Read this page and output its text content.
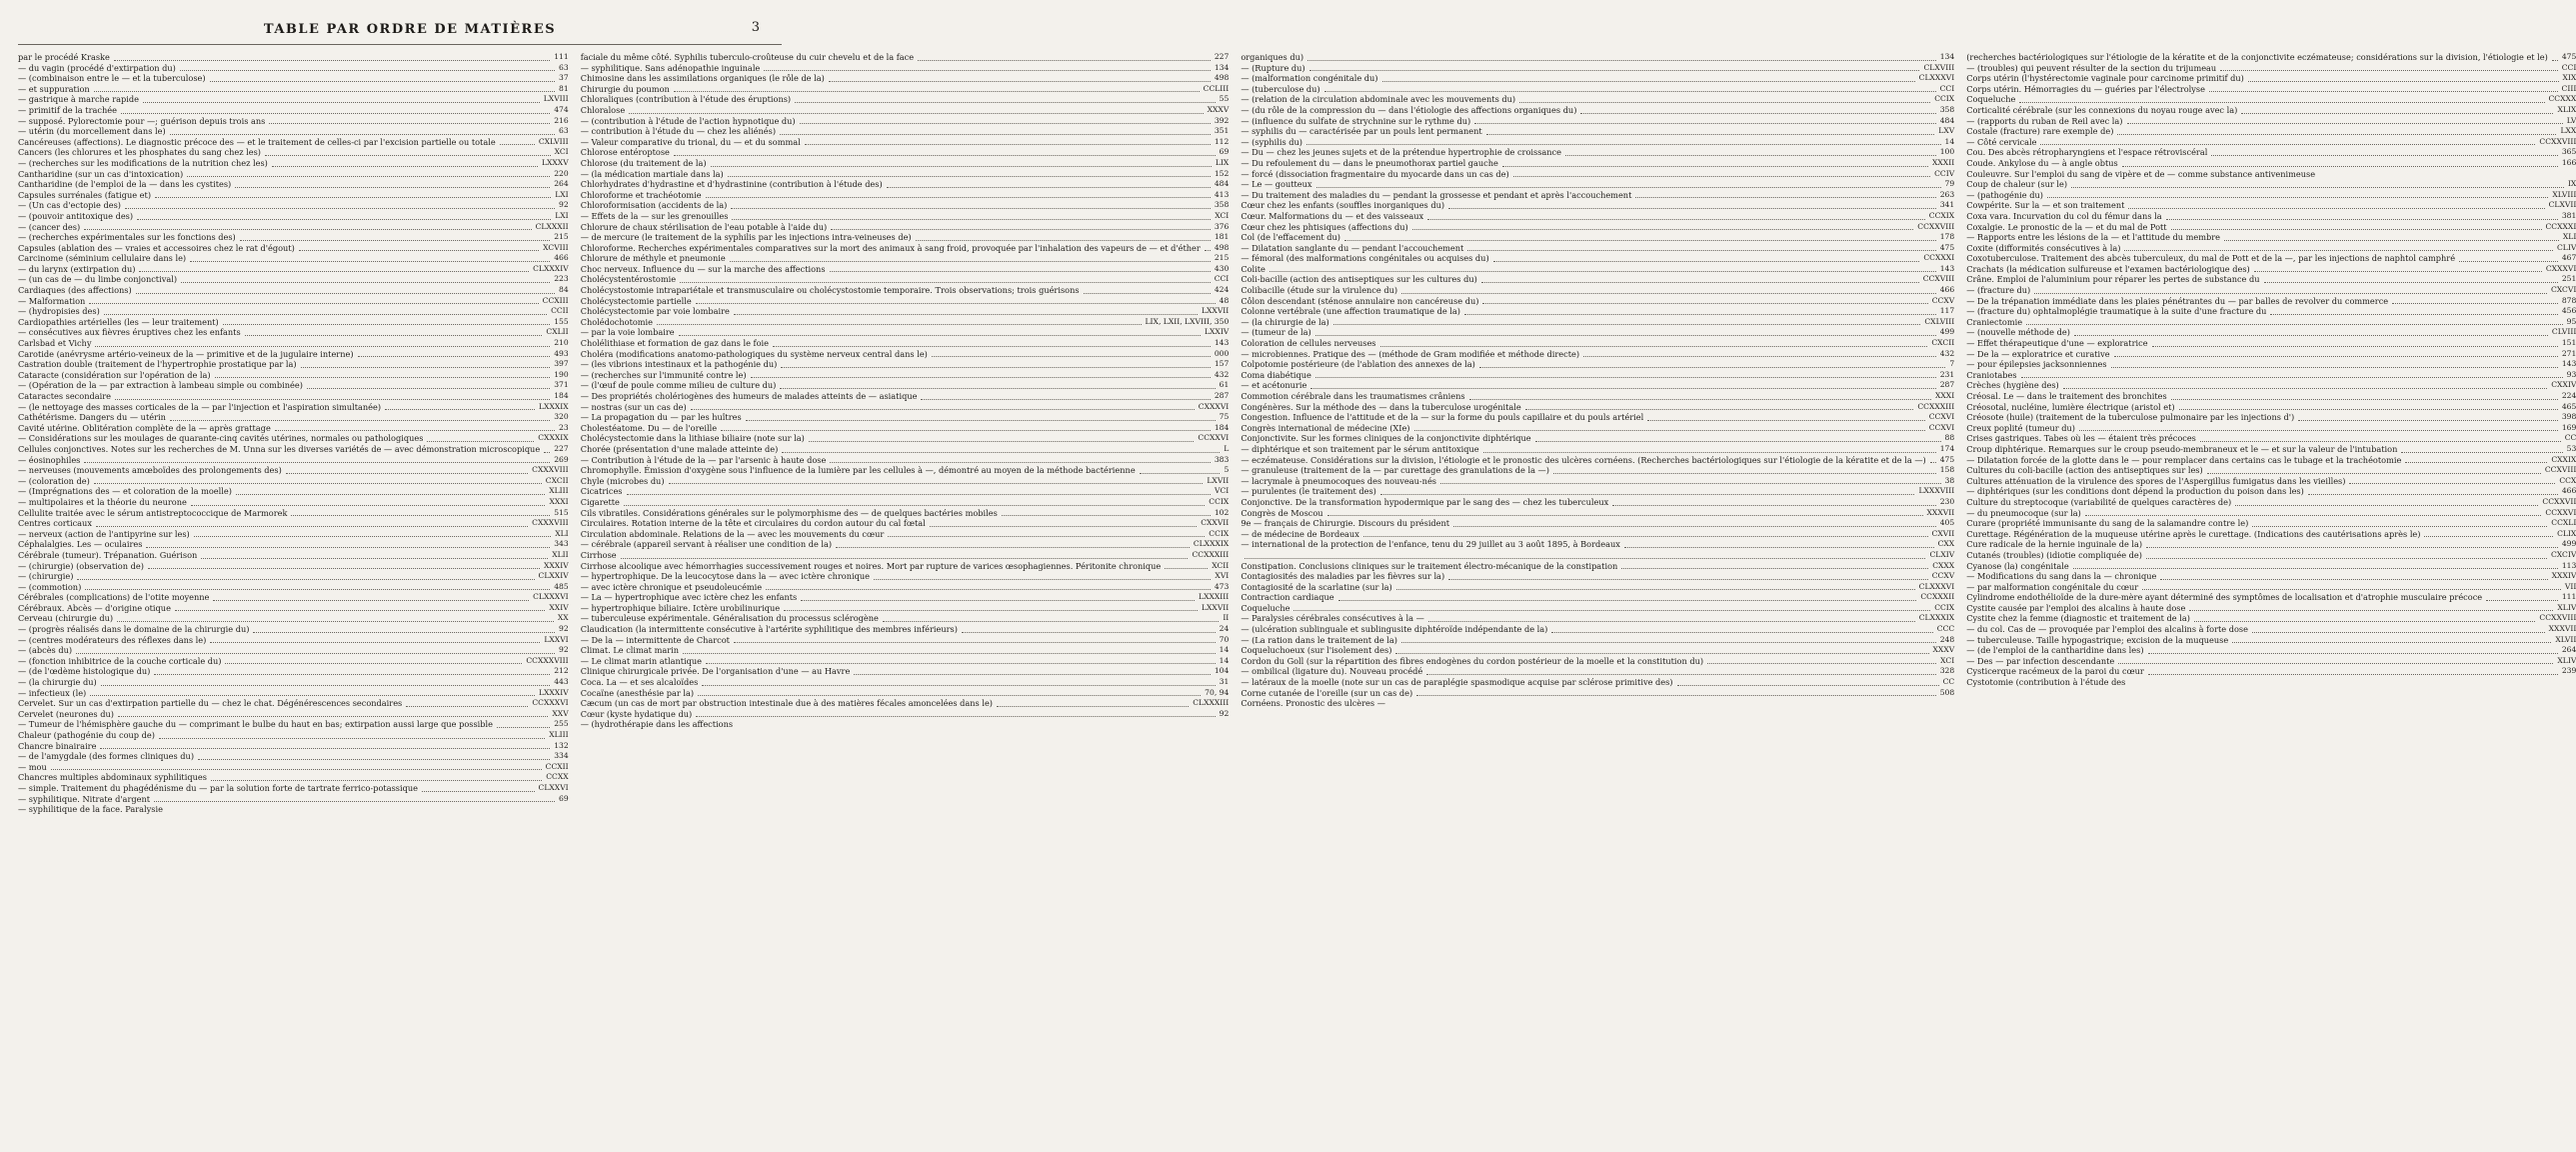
TABLE PAR ORDRE DE MATIÈRES	3
par le procédé Kraske	111
— du vagin (procédé d'extirpation du)	63
— (combinaison entre le — et la tuberculose)	37
— et suppuration	81
— gastrique à marche rapide	LXVIII
— primitif de la trachée	474
— supposé. Pylorectomie pour —; guérison depuis trois ans	216
— utérin (du morcellement dans le)	63
Cancéreuses (affections). Le diagnostic précoce des — et le traitement de celles-ci par l'excision partielle ou totale	CXLVIII
Cancers (les chlorures et les phosphates du sang chez les)	XCI
— (recherches sur les modifications de la nutrition chez les)	LXXXV
Cantharidine (sur un cas d'intoxication)	220
Cantharidine (de l'emploi de la — dans les cystites)	264
Capsules surrénales (fatigue et)	LXI
— (Un cas d'ectopie des)	92
— (pouvoir antitoxique des)	LXI
— (cancer des)	CLXXXII
— (recherches expérimentales sur les fonctions des)	215
Capsules (ablation des — vraies et accessoires chez le rat d'égout)	XCVIII
Carcinome (séminium cellulaire dans le)	466
— du larynx (extirpation du)	CLXXXIV
— (un cas de — du limbe conjonctival)	223
Cardiaques (des affections)	84
— Malformation	CCXIII
— (hydropisies des)	CCII
Cardiopathies artérielles (les — leur traitement)	155
— consécutives aux fièvres éruptives chez les enfants	CXLII
Carlsbad et Vichy	210
Carotide (anévrysme artério-veineux de la — primitive et de la jugulaire interne)	493
Castration double (traitement de l'hypertrophie prostatique par la)	397
Cataracte (considération sur l'opération de la)	190
— (Opération de la — par extraction à lambeau simple ou combinée)	371
Cataractes secondaire	184
— (le nettoyage des masses corticales de la — par l'injection et l'aspiration simultanée)	LXXXIX
Cathétérisme. Dangers du — utérin	320
Cavité utérine. Oblitération complète de la — après grattage	23
— Considérations sur les moulages de quarante-cinq cavités utérines, normales ou pathologiques	CXXXIX
Cellules conjonctives. Notes sur les recherches de M. Unna sur les diverses variétés de — avec démonstration microscopique 227
— éosinophiles	269
— nerveuses (mouvements amœboïdes des prolongements des)	CXXXVIII
— (coloration de)	CXCII
— (Imprégnations des — et coloration de la moelle)	XLIII
— multipolaires et la théorie du neurone	XXXI
Cellulite traitée avec le sérum antistreptococcique de Marmorek	515
Centres corticaux	CXXXVIII
— nerveux (action de l'antipyrine sur les)	XLI
Céphalalgies. Les — oculaires	343
Cérébrale (tumeur). Trépanation. Guérison	XLII
— (chirurgie) (observation de)	XXXIV
— (chirurgie)	CLXXIV
— (commotion)	485
Cérébrales (complications) de l'otite moyenne	CLXXXVI
Cérébraux. Abcès — d'origine otique	XXIV
Cerveau (chirurgie du)	XX
— (progrès réalisés dans le domaine de la chirurgie du)	92
— (centres modérateurs des réflexes dans le)	LXXVI
— (abcès du)	92
— (fonction inhibitrice de la couche corticale du)	CCXXXVIII
— (de l'œdème histologique du)	212
— (la chirurgie du)	443
— infectieux (le)	LXXXIV
Cervelet. Sur un cas d'extirpation partielle du — chez le chat. Dégénérescences secondaires	CCXXXVI
Cervelet (neurones du)	XXV
— Tumeur de l'hémisphère gauche du — comprimant le bulbe du haut en bas; extirpation aussi large que possible	255
Chaleur (pathogénie du coup de)	XLIII
Chancre binairaire	132
— de l'amygdale (des formes cliniques du)	334
— mou	CCXII
Chancres multiples abdominaux syphilitiques	CCXX
— simple. Traitement du phagédénisme du — par la solution forte de tartrate ferrico-potassique	CLXXVI
— syphilitique. Nitrate d'argent	69
— syphilitique de la face. Paralysie
faciale du même côté. Syphilis tuberculo-croûteuse du cuir chevelu et de la face	227
— syphilitique. Sans adénopathie inguinale	134
Chimosine dans les assimilations organiques (le rôle de la)	498
Chirurgie du poumon	CCLIII
Chloraliques (contribution à l'étude des éruptions)	55
Chloralose	XXXV
— (contribution à l'étude de l'action hypnotique du)	392
— contribution à l'étude du — chez les aliénés)	351
— Valeur comparative du trional, du — et du sommal	112
Chlorose entéroptose	69
Chlorose (du traitement de la)	LIX
— (la médication martiale dans la)	152
Chlorhydrates d'hydrastine et d'hydrastinine (contribution à l'étude des)	484
Chloroforme et trachéotomie	413
Chloroformisation (accidents de la)	358
— Effets de la — sur les grenouilles	XCI
Chlorure de chaux stérilisation de l'eau potable à l'aide du)	376
— de mercure (le traitement de la syphilis par les injections intra-veineuses de)	181
Chloroforme. Recherches expérimentales comparatives sur la mort des animaux à sang froid, provoquée par l'inhalation des vapeurs de — et d'éther 498
Chlorure de méthyle et pneumonie	215
Choc nerveux. Influence du — sur la marche des affections	430
Cholécystentérostomie	CCI
Cholécystostomie intrapariétale et transmusculaire ou cholécystostomie temporaire. Trois observations; trois guérisons	424
Cholécystectomie partielle	48
Cholécystectomie par voie lombaire	LXXVII
Cholédochotomie	LIX, LXII, LXVIII, 350
— par la voie lombaire	LXXIV
Cholélithiase et formation de gaz dans le foie	143
Choléra (modifications anatomo-pathologiques du système nerveux central dans le)	000
— (les vibrions intestinaux et la pathogénie du)	157
— (recherches sur l'immunité contre le)	432
— (l'œuf de poule comme milieu de culture du)	61
— Des propriétés cholériogènes des humeurs de malades atteints de — asiatique	287
— nostras (sur un cas de)	CXXXVI
— La propagation du — par les huîtres	75
Cholestéatome. Du — de l'oreille	184
Cholécystectomie dans la lithiase biliaire (note sur la)	CCXXVI
Chorée (présentation d'une malade atteinte de)	L
— Contribution à l'étude de la — par l'arsenic à haute dose	383
Chromophylle. Émission d'oxygène sous l'influence de la lumière par les cellules à —, démontré au moyen de la méthode bactérienne	5
Chyle (microbes du)	LXVII
Cicatrices	VCI
Cigarette	CCIX
Cils vibratiles. Considérations générales sur le polymorphisme des — de quelques bactéries mobiles	102
Circulaires. Rotation interne de la tête et circulaires du cordon autour du cal fœtal	CXXVII
Circulation abdominale. Relations de la — avec les mouvements du cœur	CCIX
— cérébrale (appareil servant à réaliser une condition de la)	CLXXXIX
Cirrhose	CCXXXIII
Cirrhose alcoolique avec hémorrhagies successivement rouges et noires. Mort par rupture de varices œsophagiennes. Péritonite chronique	XCII
— hypertrophique. De la leucocytose dans la — avec ictère chronique	XVI
— avec ictère chronique et pseudoleucémie	473
— La — hypertrophique avec ictère chez les enfants	LXXXIII
— hypertrophique biliaire. Ictère urobilinurique	LXXVII
— tuberculeuse expérimentale. Généralisation du processus sclérogène	II
Claudication (la intermittente consécutive à l'artérite syphilitique des membres inférieurs)	24
— De la — intermittente de Charcot	70
Climat. Le climat marin	14
— Le climat marin atlantique	14
Clinique chirurgicale privée. De l'organisation d'une — au Havre	104
Coca. La — et ses alcaloïdes	31
Cocaïne (anesthésie par la)	70, 94
Cæcum (un cas de mort par obstruction intestinale due à des matières fécales amoncelées dans le)	CLXXXIII
Cœur (kyste hydatique du)	92
— (hydrothérapie dans les affections
organiques du)	134
— (Rupture du)	CLXVIII
— (malformation congénitale du)	CLXXXVI
— (tuberculose du)	CCI
— (relation de la circulation abdominale avec les mouvements du)	CCIX
— (du rôle de la compression du — dans l'étiologie des affections organiques du)	358
— (influence du sulfate de strychnine sur le rythme du)	484
— syphilis du — caractérisée par un pouls lent permanent	LXV
— (syphilis du)	14
— Du — chez les jeunes sujets et de la prétendue hypertrophie de croissance	100
— Du refoulement du — dans le pneumothorax partiel gauche	XXXII
— forcé (dissociation fragmentaire du myocarde dans un cas de)	CCIV
— Le — goutteux	79
— Du traitement des maladies du — pendant la grossesse et pendant et après l'accouchement	263
Cœur chez les enfants (souffles inorganiques du)	341
Cœur. Malformations du — et des vaisseaux	CCXIX
Cœur chez les phtisiques (affections du)	CCXXVIII
Col (de l'effacement du)	178
— Dilatation sanglante du — pendant l'accouchement	475
— fémoral (des malformations congénitales ou acquises du)	CCXXXI
Colite	143
Coli-bacille (action des antiseptiques sur les cultures du)	CCXVIII
Colibacille (étude sur la virulence du)	466
Côlon descendant (sténose annulaire non cancéreuse du)	CCXV
Colonne vertébrale (une affection traumatique de la)	117
— (la chirurgie de la)	CXLVIII
— (tumeur de la)	499
Coloration de cellules nerveuses	CXCII
— microbiennes. Pratique des — (méthode de Gram modifiée et méthode directe)	432
Colpotomie postérieure (de l'ablation des annexes de la)	7
Coma diabétique	231
— et acétonurie	287
Commotion cérébrale dans les traumatismes crâniens	XXXI
Congénères. Sur la méthode des — dans la tuberculose urogénitale	CCXXXIII
Congestion. Influence de l'attitude et de la — sur la forme du pouls capillaire et du pouls artériel	CCXVI
Congrès international de médecine (XIe)	CCXVI
Conjonctivite. Sur les formes cliniques de la conjonctivite diphtérique	88
— diphtérique et son traitement par le sérum antitoxique	174
— eczémateuse. Considérations sur la division, l'étiologie et le pronostic des ulcères cornéens. (Recherches bactériologiques sur l'étiologie de la kératite et de la —) 475
— granuleuse (traitement de la — par curettage des granulations de la —)	158
— lacrymale à pneumocoques des nouveau-nés	38
— purulentes (le traitement des)	LXXXVIII
Conjonctive. De la transformation hypodermique par le sang des — chez les tuberculeux	230
Congrès de Moscou	XXXVII
9e — français de Chirurgie. Discours du président	405
— de médecine de Bordeaux	CXVII
— international de la protection de l'enfance, tenu du 29 juillet au 3 août 1895, à Bordeaux	CXX
CLXIV
Constipation. Conclusions cliniques sur le traitement électro-mécanique de la constipation	CXXX
Contagiosités des maladies par les fièvres sur la)	CCXV
Contagiosité de la scarlatine (sur la)	CLXXXVI
Contraction cardiaque	CCXXXII
Coqueluche	CCIX
— Paralysies cérébrales consécutives à la —	CLXXXIX
— (ulcération sublinguale et sublingusite diphtéroïde indépendante de la)	CCC
— (La ration dans le traitement de la)	248
Coqueluchoeux (sur l'isolement des)	XXXV
Cordon du Goll (sur la répartition des fibres endogènes du cordon postérieur de la moelle et la constitution du)	XCI
— ombilical (ligature du). Nouveau procédé	328
— latéraux de la moelle (note sur un cas de paraplégie spasmodique acquise par sclérose primitive des)	CC
Corne cutanée de l'oreille (sur un cas de)	508
Cornéens. Pronostic des ulcères —
(recherches bactériologiques sur l'étiologie de la kératite et de la conjonctivite eczémateuse; considérations sur la division, l'étiologie et le) 475
— (troubles) qui peuvent résulter de la section du trijumeau	CCI
Corps utérin (l'hystérectomie vaginale pour carcinome primitif du)	XIX
Corps utérin. Hémorragies du — guéries par l'électrolyse	CIII
Coqueluche	CCXXX
Corticalité cérébrale (sur les connexions du noyau rouge avec la)	XLIX
— (rapports du ruban de Reil avec la)	LV
Costale (fracture) rare exemple de)	LXX
— Côté cervicale	CCXXVIII
Cou. Des abcès rétropharyngiens et l'espace rétroviscéral	365
Coude. Ankylose du — à angle obtus	166
Couleuvre. Sur l'emploi du sang de vipère et de — comme substance antivenimeuse
Coup de chaleur (sur le)	IX
— (pathogénie du)	XLVIII
Cowpérite. Sur la — et son traitement	CLXVII
Coxa vara. Incurvation du col du fémur dans la	381
Coxalgie. Le pronostic de la — et du mal de Pott	CCXXXI
— Rapports entre les lésions de la — et l'attitude du membre	XLI
Coxite (difformités consécutives à la)	CLIV
Coxotuberculose. Traitement des abcès tuberculeux, du mal de Pott et de la —, par les injections de naphtol camphré	467
Crachats (la médication sulfureuse et l'examen bactériologique des)	CXXXVI
Crâne. Emploi de l'aluminium pour réparer les pertes de substance du	251
— (fracture du)	CXCVI
— De la trépanation immédiate dans les plaies pénétrantes du — par balles de revolver du commerce	878
— (fracture du) ophtalmoplégie traumatique à la suite d'une fracture du	456
Craniectomie	95
— (nouvelle méthode de)	CLVIII
— Effet thérapeutique d'une — exploratrice	151
— De la — exploratrice et curative	271
— pour épilepsies jacksonniennes	143
Craniotabes	93
Crèches (hygiène des)	CXXIV
Créosal. Le — dans le traitement des bronchites	224
Créosotal, nucléine, lumière électrique (aristol et)	465
Créosote (huile) (traitement de la tuberculose pulmonaire par les injections d')	398
Creux poplité (tumeur du)	169
Crises gastriques. Tabes où les — étaient très précoces	CC
Croup diphtérique. Remarques sur le croup pseudo-membraneux et le — et sur la valeur de l'intubation	53
— Dilatation forcée de la glotte dans le — pour remplacer dans certains cas le tubage et la trachéotomie	CXXIX
Cultures du coli-bacille (action des antiseptiques sur les)	CCXVIII
Cultures atténuation de la virulence des spores de l'Aspergillus fumigatus dans les vieilles)	CCX
— diphtériques (sur les conditions dont dépend la production du poison dans les)	466
Culture du streptocoque (variabilité de quelques caractères de)	CCXXVII
— du pneumocoque (sur la)	CCXXVI
Curare (propriété immunisante du sang de la salamandre contre le)	CCXLI
Curettage. Régénération de la muqueuse utérine après le curettage. (Indications des cautérisations après le)	CLIX
Cure radicale de la hernie inguinale de la)	499
Cutanés (troubles) (idiotie compliquée de)	CXCIV
Cyanose (la) congénitale	113
— Modifications du sang dans la — chronique	XXXIV
— par malformation congénitale du cœur	VII
Cylindrome endothélioïde de la dure-mère ayant déterminé des symptômes de localisation et d'atrophie musculaire précoce	111
Cystite causée par l'emploi des alcalins à haute dose	XLIV
Cystite chez la femme (diagnostic et traitement de la)	CCXXVIII
— du col. Cas de — provoquée par l'emploi des alcalins à forte dose	XXXVII
— tuberculeuse. Taille hypogastrique; excision de la muqueuse	XLVII
— (de l'emploi de la cantharidine dans les)	264
— Des — par infection descendante	XLIV
Cysticerque racémeux de la paroi du cœur	239
Cystotomie (contribution à l'étude des
